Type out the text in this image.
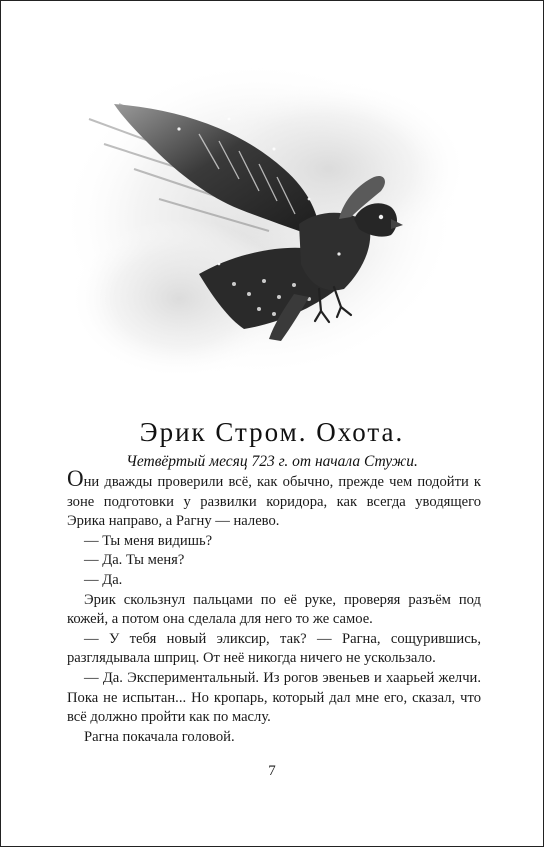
Эрик Стром. Охота.
Четвёртый месяц 723 г. от начала Стужи.

Они дважды проверили всё, как обычно, прежде чем подойти к зоне подготовки у развилки коридора, как всегда уводящего Эрика направо, а Рагну — налево.

— Ты меня видишь?

— Да. Ты меня?

— Да.

Эрик скользнул пальцами по её руке, проверяя разъём под кожей, а потом она сделала для него то же самое.

— У тебя новый эликсир, так? — Рагна, сощурившись, разглядывала шприц. От неё никогда ничего не ускользало.

— Да. Экспериментальный. Из рогов эвеньев и хаарьей желчи. Пока не испытан... Но кропарь, который дал мне его, сказал, что всё должно пройти как по маслу.

Рагна покачала головой.

7
